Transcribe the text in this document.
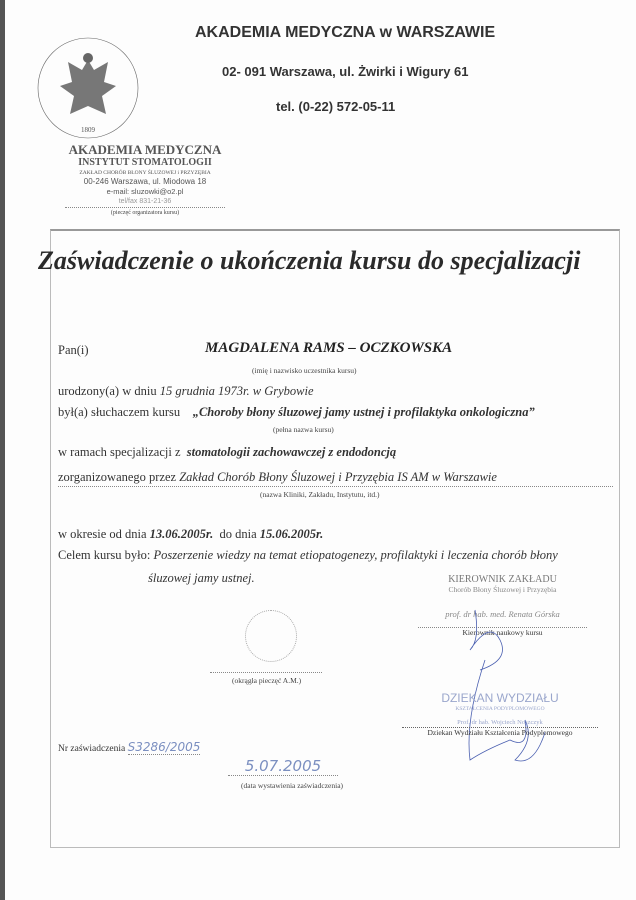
AKADEMIA MEDYCZNA w WARSZAWIE
02- 091 Warszawa, ul. Żwirki i Wigury 61
tel. (0-22) 572-05-11
1809
AKADEMIA MEDYCZNA
INSTYTUT STOMATOLOGII
ZAKŁAD CHORÓB BŁONY ŚLUZOWEJ i PRZYZĘBIA
00-246 Warszawa, ul. Miodowa 18
e-mail: sluzowki@o2.pl
tel/fax 831-21-36
(pieczęć organizatora kursu)
Zaświadczenie o ukończenia kursu do specjalizacji
Pan(i)	MAGDALENA RAMS – OCZKOWSKA
(imię i nazwisko uczestnika kursu)
urodzony(a) w dniu 15 grudnia 1973r. w Grybowie
był(a) słuchaczem kursu „Choroby błony śluzowej jamy ustnej i profilaktyka onkologiczna”
(pełna nazwa kursu)
w ramach specjalizacji z stomatologii zachowawczej z endodoncją
zorganizowanego przez Zakład Chorób Błony Śluzowej i Przyzębia IS AM w Warszawie
(nazwa Kliniki, Zakładu, Instytutu, itd.)
w okresie od dnia 13.06.2005r. do dnia 15.06.2005r.
Celem kursu było: Poszerzenie wiedzy na temat etiopatogenezy, profilaktyki i leczenia chorób błony
śluzowej jamy ustnej.	KIEROWNIK ZAKŁADU
Chorób Błony Śluzowej i Przyzębia
prof. dr hab. med. Renata Górska
Kierownik naukowy kursu
(okrągła pieczęć A.M.)
DZIEKAN WYDZIAŁU
KSZTAŁCENIA PODYPLOMOWEGO
Prof. dr hab. Wojciech Noszczyk
Dziekan Wydziału Kształcenia Podyplomowego
Nr zaświadczenia S3286/2005
5.07.2005
(data wystawienia zaświadczenia)
